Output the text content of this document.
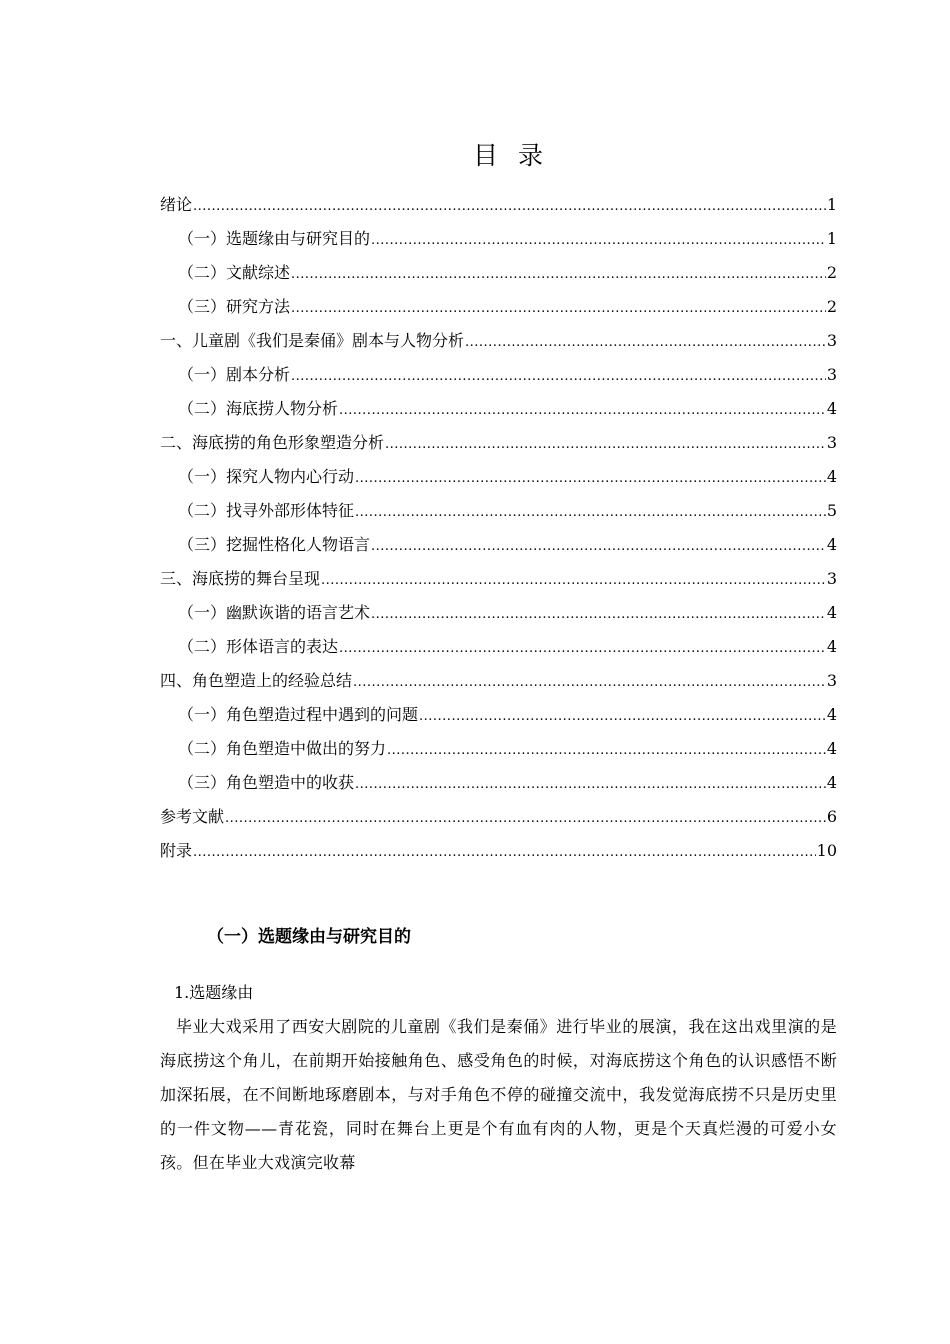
目录
绪论 .....	1
（一）选题缘由与研究目的 .....	1
（二）文献综述 .....	2
（三）研究方法 .....	2
一、儿童剧《我们是秦俑》剧本与人物分析 .....	3
（一）剧本分析 .....	3
（二）海底捞人物分析 .....	4
二、海底捞的角色形象塑造分析 .....	3
（一）探究人物内心行动 .....	4
（二）找寻外部形体特征 .....	5
（三）挖掘性格化人物语言 .....	4
三、海底捞的舞台呈现 .....	3
（一）幽默诙谐的语言艺术 .....	4
（二）形体语言的表达 .....	4
四、角色塑造上的经验总结 .....	3
（一）角色塑造过程中遇到的问题 .....	4
（二）角色塑造中做出的努力 .....	4
（三）角色塑造中的收获 .....	4
参考文献 .....	6
附录 .....	10
（一）选题缘由与研究目的
1.选题缘由

毕业大戏采用了西安大剧院的儿童剧《我们是秦俑》进行毕业的展演，我在这出戏里演的是海底捞这个角儿，在前期开始接触角色、感受角色的时候，对海底捞这个角色的认识感悟不断加深拓展，在不间断地琢磨剧本，与对手角色不停的碰撞交流中，我发觉海底捞不只是历史里的一件文物——青花瓷，同时在舞台上更是个有血有肉的人物，更是个天真烂漫的可爱小女孩。但在毕业大戏演完收幕
